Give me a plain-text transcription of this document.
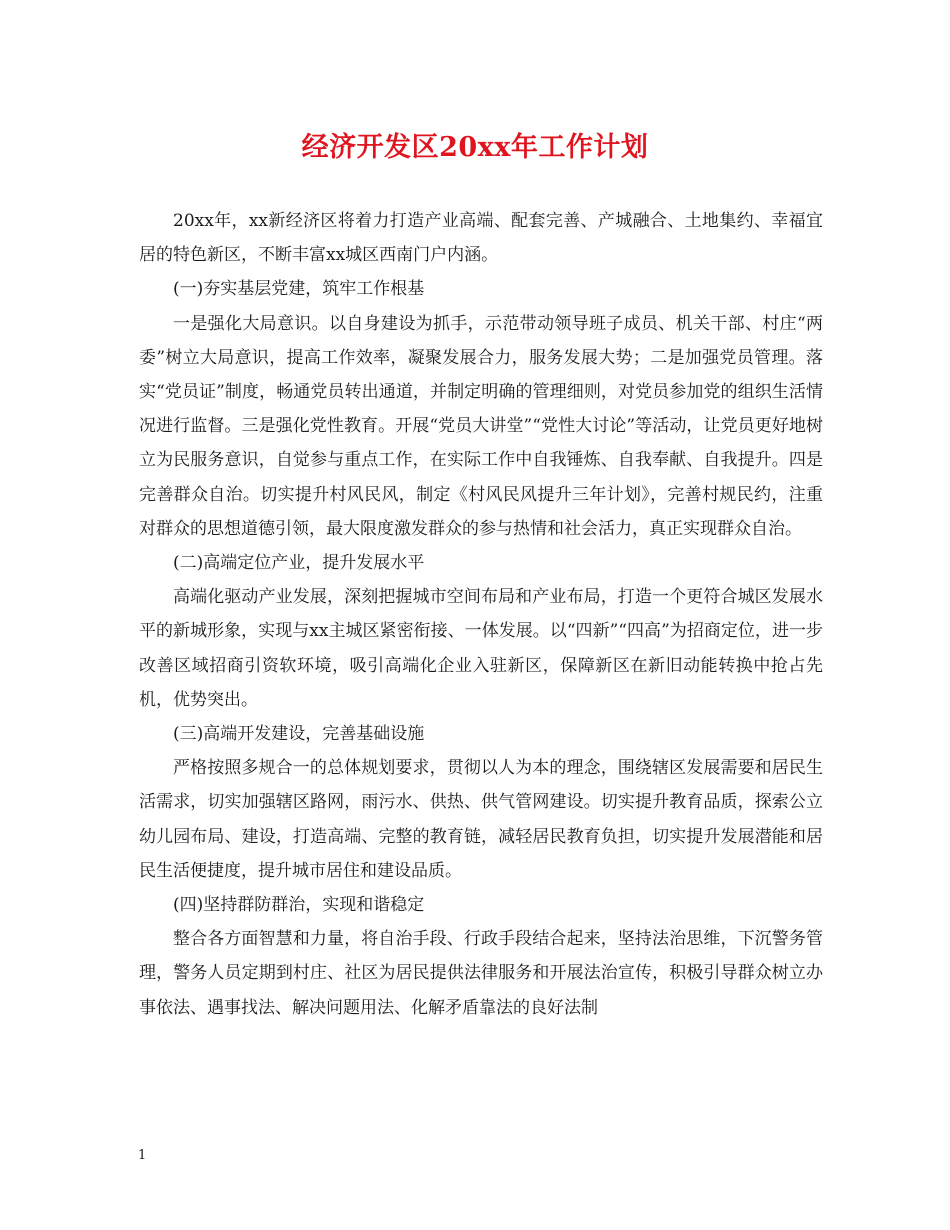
经济开发区20xx年工作计划

20xx年，xx新经济区将着力打造产业高端、配套完善、产城融合、土地集约、幸福宜居的特色新区，不断丰富xx城区西南门户内涵。

(一)夯实基层党建，筑牢工作根基

一是强化大局意识。以自身建设为抓手，示范带动领导班子成员、机关干部、村庄“两委”树立大局意识，提高工作效率，凝聚发展合力，服务发展大势；二是加强党员管理。落实“党员证”制度，畅通党员转出通道，并制定明确的管理细则，对党员参加党的组织生活情况进行监督。三是强化党性教育。开展“党员大讲堂”“党性大讨论”等活动，让党员更好地树立为民服务意识，自觉参与重点工作，在实际工作中自我锤炼、自我奉献、自我提升。四是完善群众自治。切实提升村风民风，制定《村风民风提升三年计划》，完善村规民约，注重对群众的思想道德引领，最大限度激发群众的参与热情和社会活力，真正实现群众自治。

(二)高端定位产业，提升发展水平

高端化驱动产业发展，深刻把握城市空间布局和产业布局，打造一个更符合城区发展水平的新城形象，实现与xx主城区紧密衔接、一体发展。以“四新”“四高”为招商定位，进一步改善区域招商引资软环境，吸引高端化企业入驻新区，保障新区在新旧动能转换中抢占先机，优势突出。

(三)高端开发建设，完善基础设施

严格按照多规合一的总体规划要求，贯彻以人为本的理念，围绕辖区发展需要和居民生活需求，切实加强辖区路网，雨污水、供热、供气管网建设。切实提升教育品质，探索公立幼儿园布局、建设，打造高端、完整的教育链，减轻居民教育负担，切实提升发展潜能和居民生活便捷度，提升城市居住和建设品质。

(四)坚持群防群治，实现和谐稳定

整合各方面智慧和力量，将自治手段、行政手段结合起来，坚持法治思维，下沉警务管理，警务人员定期到村庄、社区为居民提供法律服务和开展法治宣传，积极引导群众树立办事依法、遇事找法、解决问题用法、化解矛盾靠法的良好法制

1
